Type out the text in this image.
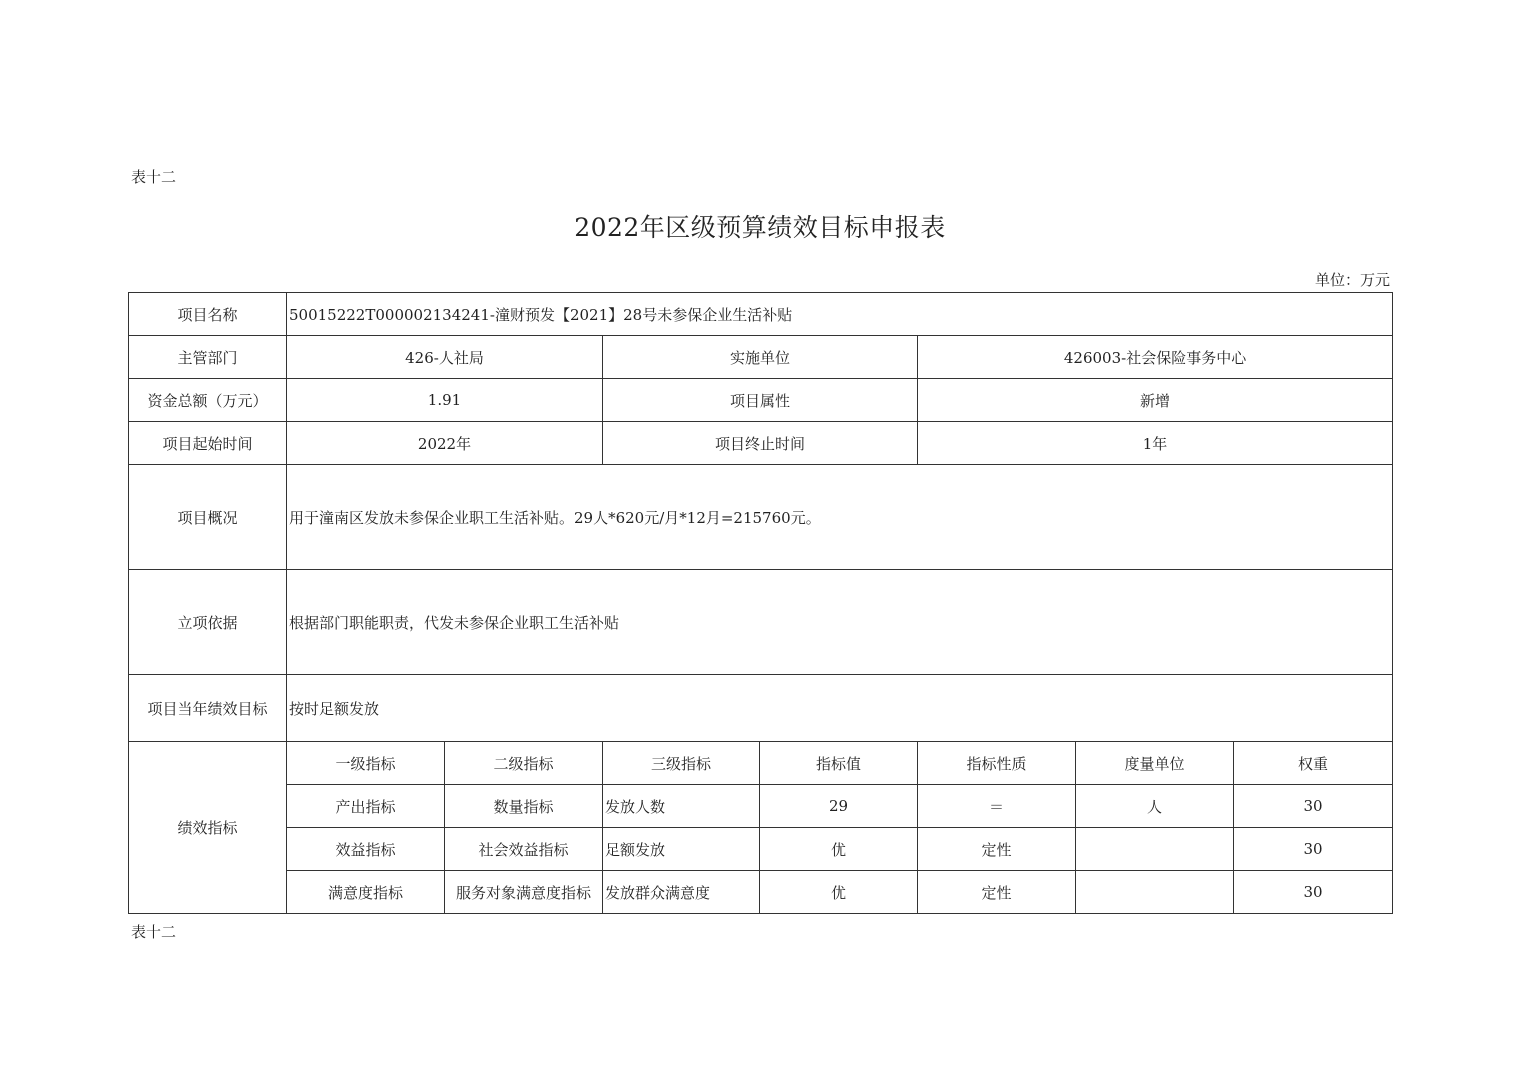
表十二
2022年区级预算绩效目标申报表
单位：万元
项目名称	50015222T000002134241-潼财预发【2021】28号未参保企业生活补贴						
主管部门	426-人社局		实施单位		426003-社会保险事务中心		
资金总额（万元）	1.91		项目属性		新增		
项目起始时间	2022年		项目终止时间		1年		
项目概况	用于潼南区发放未参保企业职工生活补贴。29人*620元/月*12月=215760元。						
立项依据	根据部门职能职责，代发未参保企业职工生活补贴						
项目当年绩效目标	按时足额发放						
绩效指标	一级指标	二级指标	三级指标	指标值	指标性质	度量单位	权重
	产出指标	数量指标	发放人数	29	＝	人	30
	效益指标	社会效益指标	足额发放	优	定性		30
	满意度指标	服务对象满意度指标	发放群众满意度	优	定性		30
表十二
